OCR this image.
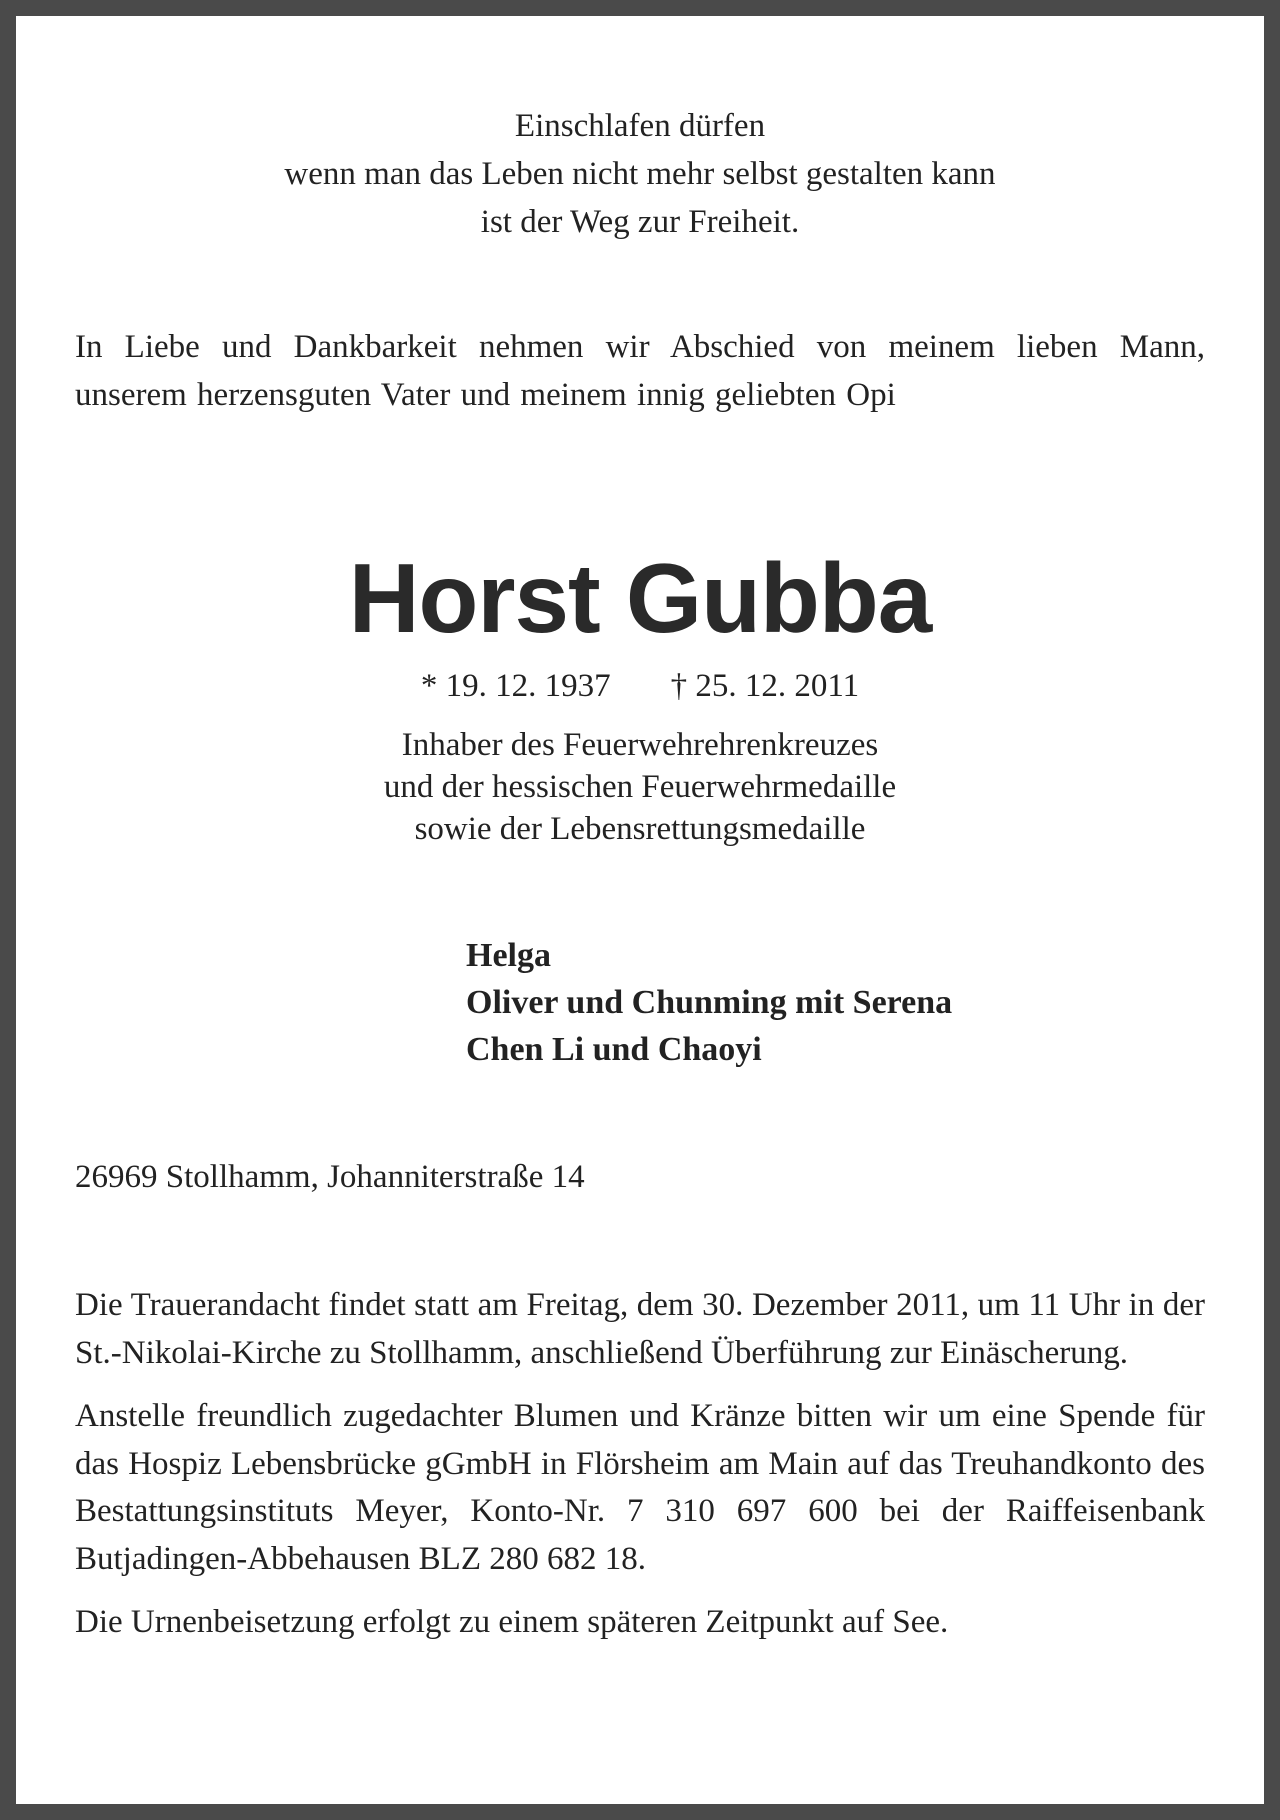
Einschlafen dürfen
wenn man das Leben nicht mehr selbst gestalten kann
ist der Weg zur Freiheit.
In Liebe und Dankbarkeit nehmen wir Abschied von meinem lieben Mann, unserem herzensguten Vater und meinem innig geliebten Opi
Horst Gubba
* 19. 12. 1937 † 25. 12. 2011
Inhaber des Feuerwehrehrenkreuzes
und der hessischen Feuerwehrmedaille
sowie der Lebensrettungsmedaille
Helga
Oliver und Chunming mit Serena
Chen Li und Chaoyi
26969 Stollhamm, Johanniterstraße 14

Die Trauerandacht findet statt am Freitag, dem 30. Dezember 2011, um 11 Uhr in der St.-Nikolai-Kirche zu Stollhamm, anschließend Überführung zur Einäscherung.

Anstelle freundlich zugedachter Blumen und Kränze bitten wir um eine Spende für das Hospiz Lebensbrücke gGmbH in Flörsheim am Main auf das Treuhandkonto des Bestattungsinstituts Meyer, Konto-Nr. 7 310 697 600 bei der Raiffeisenbank Butjadingen-Abbehausen BLZ 280 682 18.

Die Urnenbeisetzung erfolgt zu einem späteren Zeitpunkt auf See.
